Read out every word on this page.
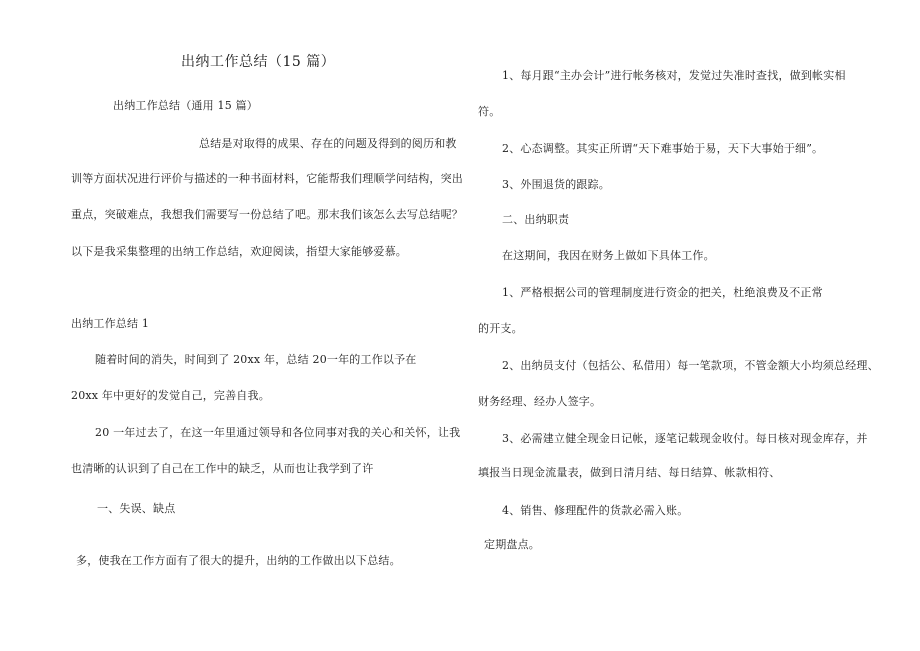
出纳工作总结（15 篇）
出纳工作总结（通用 15 篇）
总结是对取得的成果、存在的问题及得到的阅历和教
训等方面状况进行评价与描述的一种书面材料，它能帮我们理顺学问结构，突出
重点，突破难点，我想我们需要写一份总结了吧。那末我们该怎么去写总结呢？
以下是我采集整理的出纳工作总结，欢迎阅读，指望大家能够爱慕。
出纳工作总结 1
随着时间的消失，时间到了 20xx 年，总结 20一年的工作以予在
20xx 年中更好的发觉自己，完善自我。
20 一年过去了，在这一年里通过领导和各位同事对我的关心和关怀，让我
也清晰的认识到了自己在工作中的缺乏，从而也让我学到了许
一、失误、缺点
多，使我在工作方面有了很大的提升，出纳的工作做出以下总结。
1、每月跟“主办会计”进行帐务核对，发觉过失准时查找，做到帐实相
符。
2、心态调整。其实正所谓“天下难事始于易，天下大事始于细”。
3、外围退货的跟踪。
二、出纳职责
在这期间，我因在财务上做如下具体工作。
1、严格根据公司的管理制度进行资金的把关，杜绝浪费及不正常
的开支。
2、出纳员支付（包括公、私借用）每一笔款项，不管金额大小均须总经理、
财务经理、经办人签字。
3、必需建立健全现金日记帐，逐笔记载现金收付。每日核对现金库存，并
填报当日现金流量表，做到日清月结、每日结算、帐款相符、
4、销售、修理配件的货款必需入账。
定期盘点。
